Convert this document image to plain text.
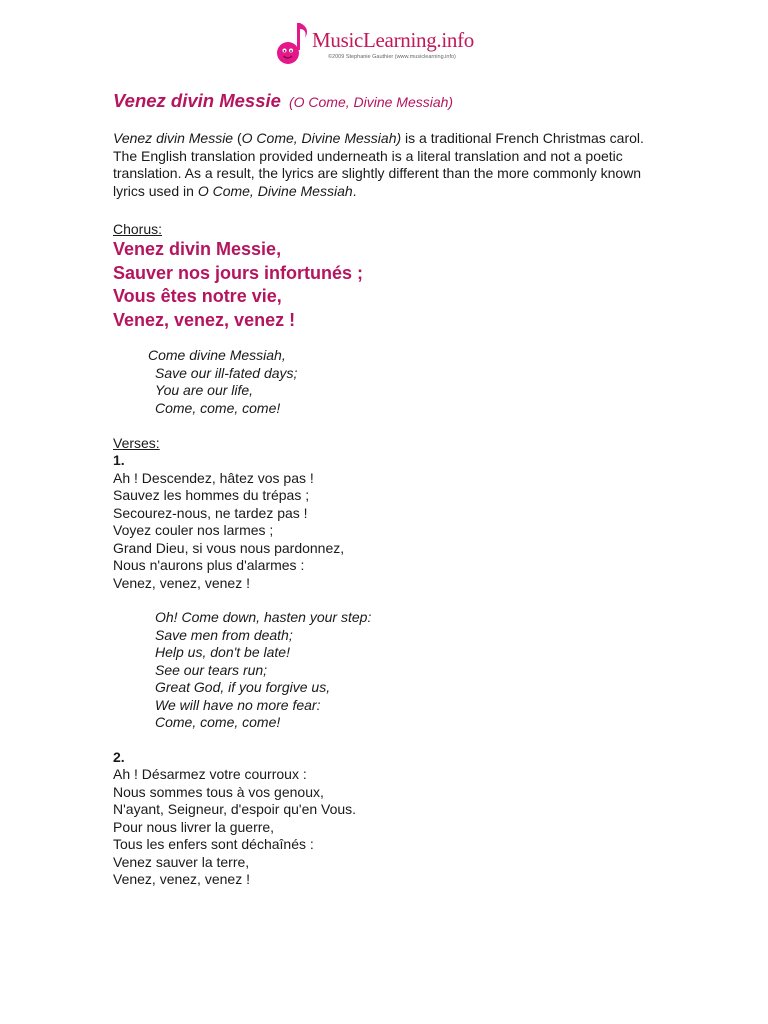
MusicLearning.info
©2009 Stephanie Gauthier (www.musiclearning.info)
Venez divin Messie (O Come, Divine Messiah)
Venez divin Messie (O Come, Divine Messiah) is a traditional French Christmas carol. The English translation provided underneath is a literal translation and not a poetic translation. As a result, the lyrics are slightly different than the more commonly known lyrics used in O Come, Divine Messiah.
Chorus:
Venez divin Messie,
Sauver nos jours infortunés ;
Vous êtes notre vie,
Venez, venez, venez !
Come divine Messiah,
Save our ill-fated days;
You are our life,
Come, come, come!
Verses:
1.
Ah ! Descendez, hâtez vos pas !
Sauvez les hommes du trépas ;
Secourez-nous, ne tardez pas !
Voyez couler nos larmes ;
Grand Dieu, si vous nous pardonnez,
Nous n'aurons plus d'alarmes :
Venez, venez, venez !
Oh! Come down, hasten your step:
Save men from death;
Help us, don't be late!
See our tears run;
Great God, if you forgive us,
We will have no more fear:
Come, come, come!
2.
Ah ! Désarmez votre courroux :
Nous sommes tous à vos genoux,
N'ayant, Seigneur, d'espoir qu'en Vous.
Pour nous livrer la guerre,
Tous les enfers sont déchaînés :
Venez sauver la terre,
Venez, venez, venez !
